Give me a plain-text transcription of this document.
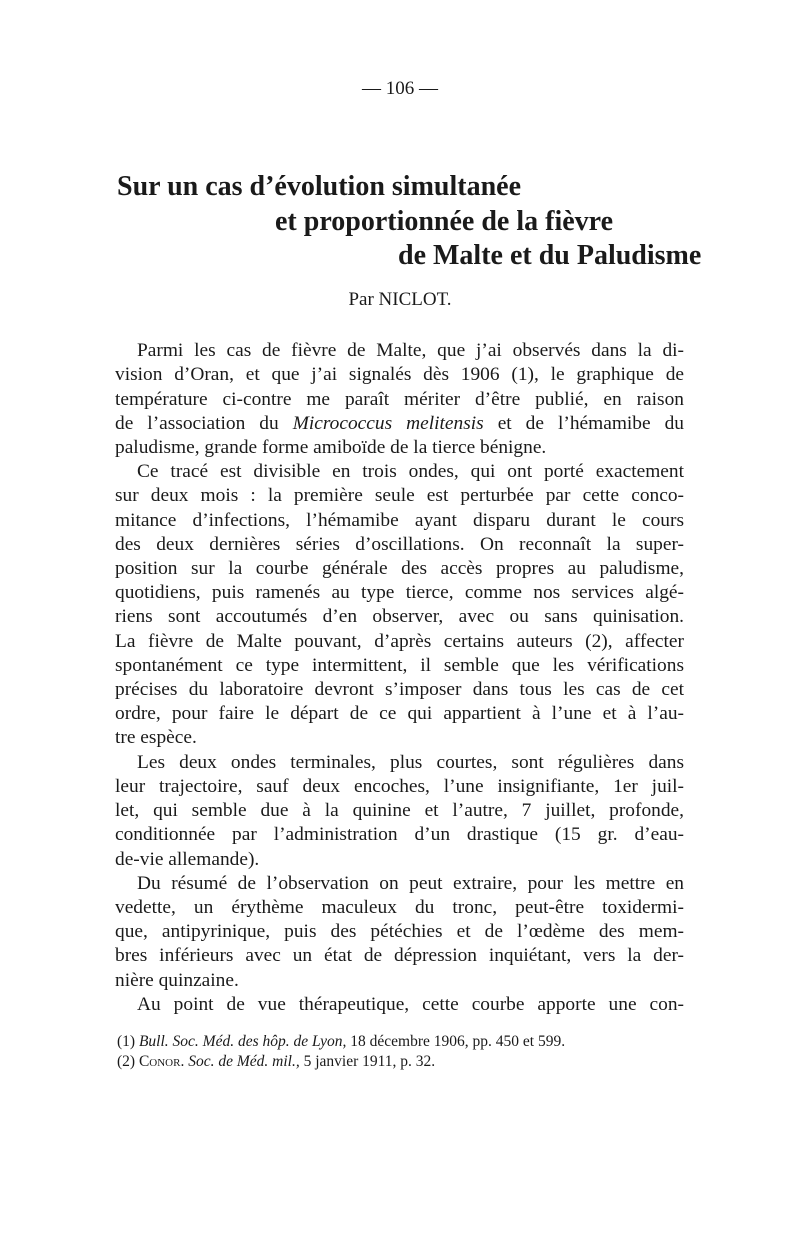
— 106 —
Sur un cas d’évolution simultanée
et proportionnée de la fièvre
de Malte et du Paludisme
Par NICLOT.
Parmi les cas de fièvre de Malte, que j’ai observés dans la di-
vision d’Oran, et que j’ai signalés dès 1906 (1), le graphique de
température ci-contre me paraît mériter d’être publié, en raison
de l’association du Micrococcus melitensis et de l’hémamibe du
paludisme, grande forme amiboïde de la tierce bénigne.
Ce tracé est divisible en trois ondes, qui ont porté exactement
sur deux mois : la première seule est perturbée par cette conco-
mitance d’infections, l’hémamibe ayant disparu durant le cours
des deux dernières séries d’oscillations. On reconnaît la super-
position sur la courbe générale des accès propres au paludisme,
quotidiens, puis ramenés au type tierce, comme nos services algé-
riens sont accoutumés d’en observer, avec ou sans quinisation.
La fièvre de Malte pouvant, d’après certains auteurs (2), affecter
spontanément ce type intermittent, il semble que les vérifications
précises du laboratoire devront s’imposer dans tous les cas de cet
ordre, pour faire le départ de ce qui appartient à l’une et à l’au-
tre espèce.
Les deux ondes terminales, plus courtes, sont régulières dans
leur trajectoire, sauf deux encoches, l’une insignifiante, 1er juil-
let, qui semble due à la quinine et l’autre, 7 juillet, profonde,
conditionnée par l’administration d’un drastique (15 gr. d’eau-
de-vie allemande).
Du résumé de l’observation on peut extraire, pour les mettre en
vedette, un érythème maculeux du tronc, peut-être toxidermi-
que, antipyrinique, puis des pétéchies et de l’œdème des mem-
bres inférieurs avec un état de dépression inquiétant, vers la der-
nière quinzaine.
Au point de vue thérapeutique, cette courbe apporte une con-
(1) Bull. Soc. Méd. des hôp. de Lyon, 18 décembre 1906, pp. 450 et 599.
(2) Conor. Soc. de Méd. mil., 5 janvier 1911, p. 32.
